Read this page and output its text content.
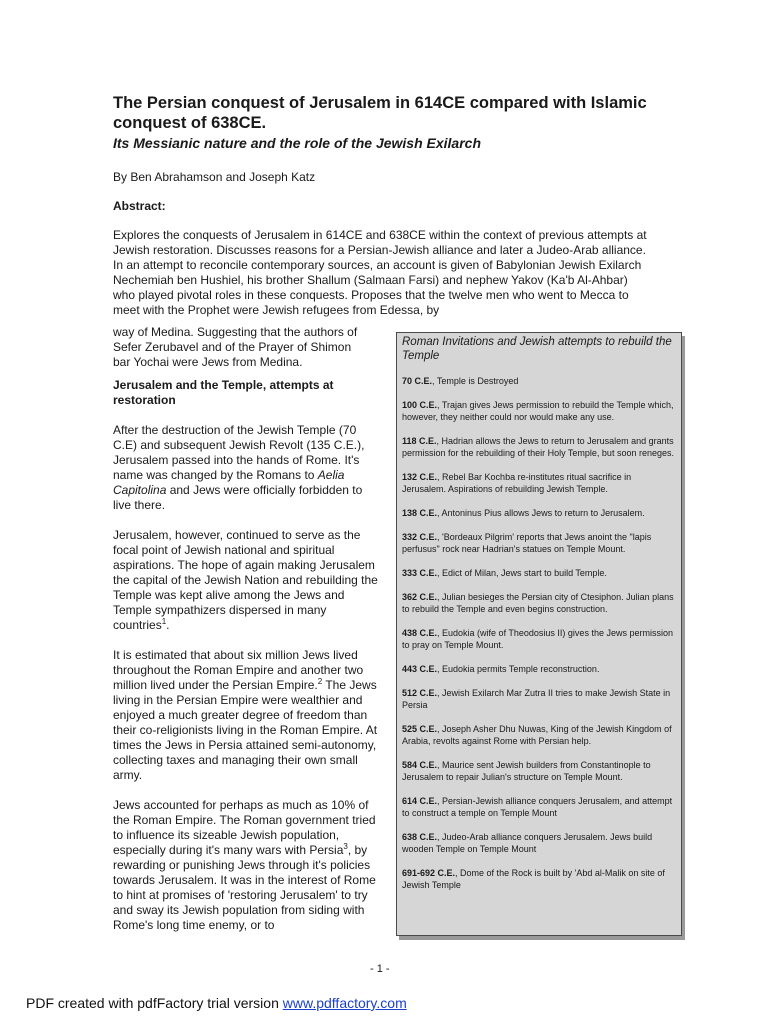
The Persian conquest of Jerusalem in 614CE compared with Islamic conquest of 638CE.
Its Messianic nature and the role of the Jewish Exilarch

By Ben Abrahamson and Joseph Katz

Abstract:

Explores the conquests of Jerusalem in 614CE and 638CE within the context of previous attempts at Jewish restoration. Discusses reasons for a Persian-Jewish alliance and later a Judeo-Arab alliance. In an attempt to reconcile contemporary sources, an account is given of Babylonian Jewish Exilarch Nechemiah ben Hushiel, his brother Shallum (Salmaan Farsi) and nephew Yakov (Ka'b Al-Ahbar) who played pivotal roles in these conquests. Proposes that the twelve men who went to Mecca to meet with the Prophet were Jewish refugees from Edessa, by

way of Medina. Suggesting that the authors of
Sefer Zerubavel and of the Prayer of Shimon
bar Yochai were Jews from Medina.

Jerusalem and the Temple, attempts at restoration

After the destruction of the Jewish Temple (70 C.E) and subsequent Jewish Revolt (135 C.E.), Jerusalem passed into the hands of Rome. It's name was changed by the Romans to Aelia Capitolina and Jews were officially forbidden to live there.

Jerusalem, however, continued to serve as the focal point of Jewish national and spiritual aspirations. The hope of again making Jerusalem the capital of the Jewish Nation and rebuilding the Temple was kept alive among the Jews and Temple sympathizers dispersed in many countries$^1$.

It is estimated that about six million Jews lived throughout the Roman Empire and another two million lived under the Persian Empire.$^2$ The Jews living in the Persian Empire were wealthier and enjoyed a much greater degree of freedom than their co-religionists living in the Roman Empire. At times the Jews in Persia attained semi-autonomy, collecting taxes and managing their own small army.

Jews accounted for perhaps as much as 10% of the Roman Empire. The Roman government tried to influence its sizeable Jewish population, especially during it's many wars with Persia$^3$, by rewarding or punishing Jews through it's policies towards Jerusalem. It was in the interest of Rome to hint at promises of 'restoring Jerusalem' to try and sway its Jewish population from siding with Rome's long time enemy, or to

Roman Invitations and Jewish attempts to rebuild the Temple

70 C.E., Temple is Destroyed

100 C.E., Trajan gives Jews permission to rebuild the Temple which, however, they neither could nor would make any use.

118 C.E., Hadrian allows the Jews to return to Jerusalem and grants permission for the rebuilding of their Holy Temple, but soon reneges.

132 C.E., Rebel Bar Kochba re-institutes ritual sacrifice in Jerusalem. Aspirations of rebuilding Jewish Temple.

138 C.E., Antoninus Pius allows Jews to return to Jerusalem.

332 C.E., 'Bordeaux Pilgrim' reports that Jews anoint the "lapis perfusus" rock near Hadrian's statues on Temple Mount.

333 C.E., Edict of Milan, Jews start to build Temple.

362 C.E., Julian besieges the Persian city of Ctesiphon. Julian plans to rebuild the Temple and even begins construction.

438 C.E., Eudokia (wife of Theodosius II) gives the Jews permission to pray on Temple Mount.

443 C.E., Eudokia permits Temple reconstruction.

512 C.E., Jewish Exilarch Mar Zutra II tries to make Jewish State in Persia

525 C.E., Joseph Asher Dhu Nuwas, King of the Jewish Kingdom of Arabia, revolts against Rome with Persian help.

584 C.E., Maurice sent Jewish builders from Constantinople to Jerusalem to repair Julian's structure on Temple Mount.

614 C.E., Persian-Jewish alliance conquers Jerusalem, and attempt to construct a temple on Temple Mount

638 C.E., Judeo-Arab alliance conquers Jerusalem. Jews build wooden Temple on Temple Mount

691-692 C.E., Dome of the Rock is built by 'Abd al-Malik on site of Jewish Temple

- 1 -
PDF created with pdfFactory trial version www.pdffactory.com
